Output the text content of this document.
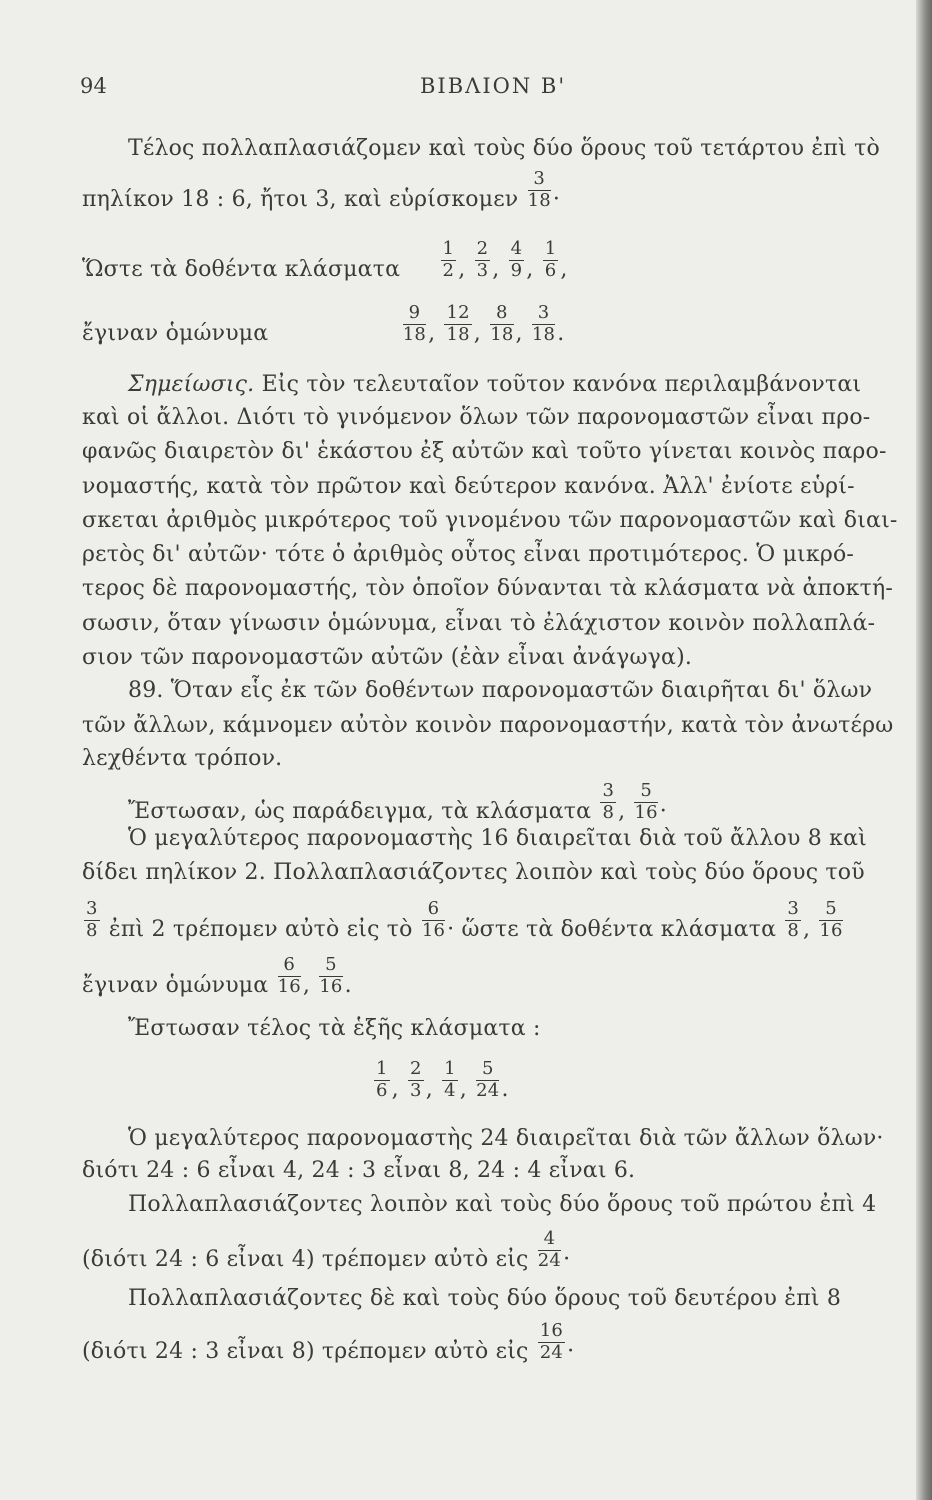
94	ΒΙΒΛΙΟΝ Β'
Τέλος πολλαπλασιάζομεν καὶ τοὺς δύο ὅρους τοῦ τετάρτου ἐπὶ τὸ
πηλίκον 18 : 6, ἤτοι 3, καὶ εὑρίσκομεν $\frac{3}{18}$ ·
Ὥστε τὰ δοθέντα κλάσματα $\frac{1}{2}$ , $\frac{2}{3}$ , $\frac{4}{9}$ , $\frac{1}{6}$ ,
ἔγιναν ὁμώνυμα	$\frac{9}{18}$ , $\frac{12}{18}$ , $\frac{8}{18}$ , $\frac{3}{18}$ .
Σημείωσις. Εἰς τὸν τελευταῖον τοῦτον κανόνα περιλαμβάνονται
καὶ οἱ ἄλλοι. Διότι τὸ γινόμενον ὅλων τῶν παρονομαστῶν εἶναι προ-
φανῶς διαιρετὸν δι' ἑκάστου ἐξ αὐτῶν καὶ τοῦτο γίνεται κοινὸς παρο-
νομαστής, κατὰ τὸν πρῶτον καὶ δεύτερον κανόνα. Ἀλλ' ἐνίοτε εὑρί-
σκεται ἀριθμὸς μικρότερος τοῦ γινομένου τῶν παρονομαστῶν καὶ διαι-
ρετὸς δι' αὐτῶν· τότε ὁ ἀριθμὸς οὗτος εἶναι προτιμότερος. Ὁ μικρό-
τερος δὲ παρονομαστής, τὸν ὁποῖον δύνανται τὰ κλάσματα νὰ ἀποκτή-
σωσιν, ὅταν γίνωσιν ὁμώνυμα, εἶναι τὸ ἐλάχιστον κοινὸν πολλαπλά-
σιον τῶν παρονομαστῶν αὐτῶν (ἐὰν εἶναι ἀνάγωγα).
89. Ὅταν εἷς ἐκ τῶν δοθέντων παρονομαστῶν διαιρῆται δι' ὅλων
τῶν ἄλλων, κάμνομεν αὐτὸν κοινὸν παρονομαστήν, κατὰ τὸν ἀνωτέρω
λεχθέντα τρόπον.
Ἔστωσαν, ὡς παράδειγμα, τὰ κλάσματα $\frac{3}{8}$ , $\frac{5}{16}$ ·
Ὁ μεγαλύτερος παρονομαστὴς 16 διαιρεῖται διὰ τοῦ ἄλλου 8 καὶ
δίδει πηλίκον 2. Πολλαπλασιάζοντες λοιπὸν καὶ τοὺς δύο ὅρους τοῦ
$\frac{3}{8}$ ἐπὶ 2 τρέπομεν αὐτὸ εἰς τὸ $\frac{6}{16}$ · ὥστε τὰ δοθέντα κλάσματα $\frac{3}{8}$ , $\frac{5}{16}$
ἔγιναν ὁμώνυμα $\frac{6}{16}$ , $\frac{5}{16}$ .
Ἔστωσαν τέλος τὰ ἑξῆς κλάσματα :
$\frac{1}{6}$ , $\frac{2}{3}$ , $\frac{1}{4}$ , $\frac{5}{24}$ .
Ὁ μεγαλύτερος παρονομαστὴς 24 διαιρεῖται διὰ τῶν ἄλλων ὅλων·
διότι 24 : 6 εἶναι 4, 24 : 3 εἶναι 8, 24 : 4 εἶναι 6.
Πολλαπλασιάζοντες λοιπὸν καὶ τοὺς δύο ὅρους τοῦ πρώτου ἐπὶ 4
(διότι 24 : 6 εἶναι 4) τρέπομεν αὐτὸ εἰς $\frac{4}{24}$ ·
Πολλαπλασιάζοντες δὲ καὶ τοὺς δύο ὅρους τοῦ δευτέρου ἐπὶ 8
(διότι 24 : 3 εἶναι 8) τρέπομεν αὐτὸ εἰς $\frac{16}{24}$ ·
